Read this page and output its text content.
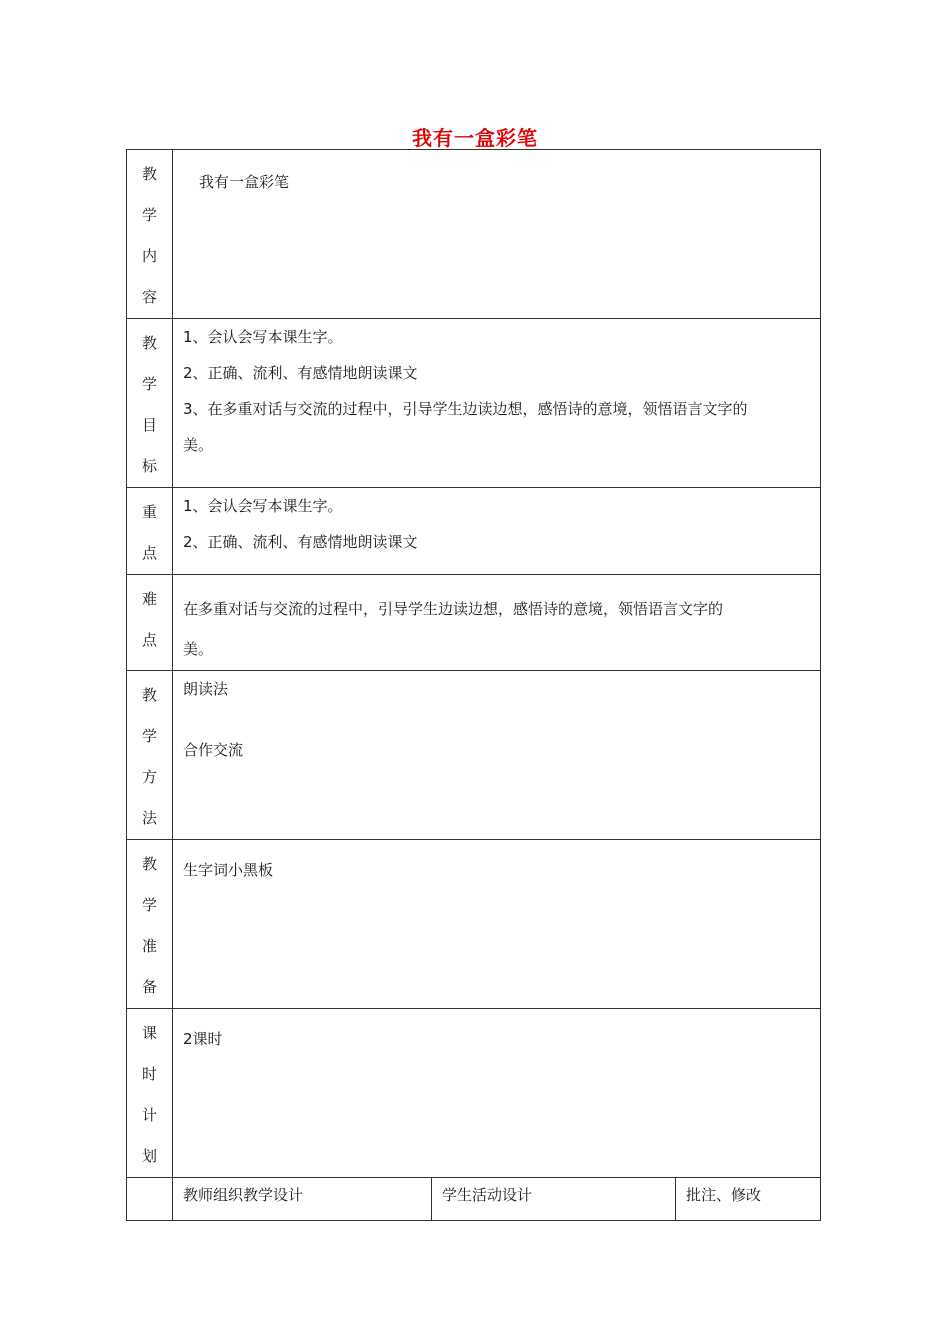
我有一盒彩笔
教
学
内
容	我有一盒彩笔		

教
学
目
标	1、会认会写本课生字。
2、正确、流利、有感情地朗读课文
3、在多重对话与交流的过程中，引导学生边读边想，感悟诗的意境，领悟语言文字的
美。		

重
点	1、会认会写本课生字。
2、正确、流利、有感情地朗读课文		

难
点	在多重对话与交流的过程中，引导学生边读边想，感悟诗的意境，领悟语言文字的
美。		

教
学
方
法	朗读法
合作交流		

教
学
准
备	生字词小黑板		

课
时
计
划	2课时		

	教师组织教学设计	学生活动设计	批注、修改
